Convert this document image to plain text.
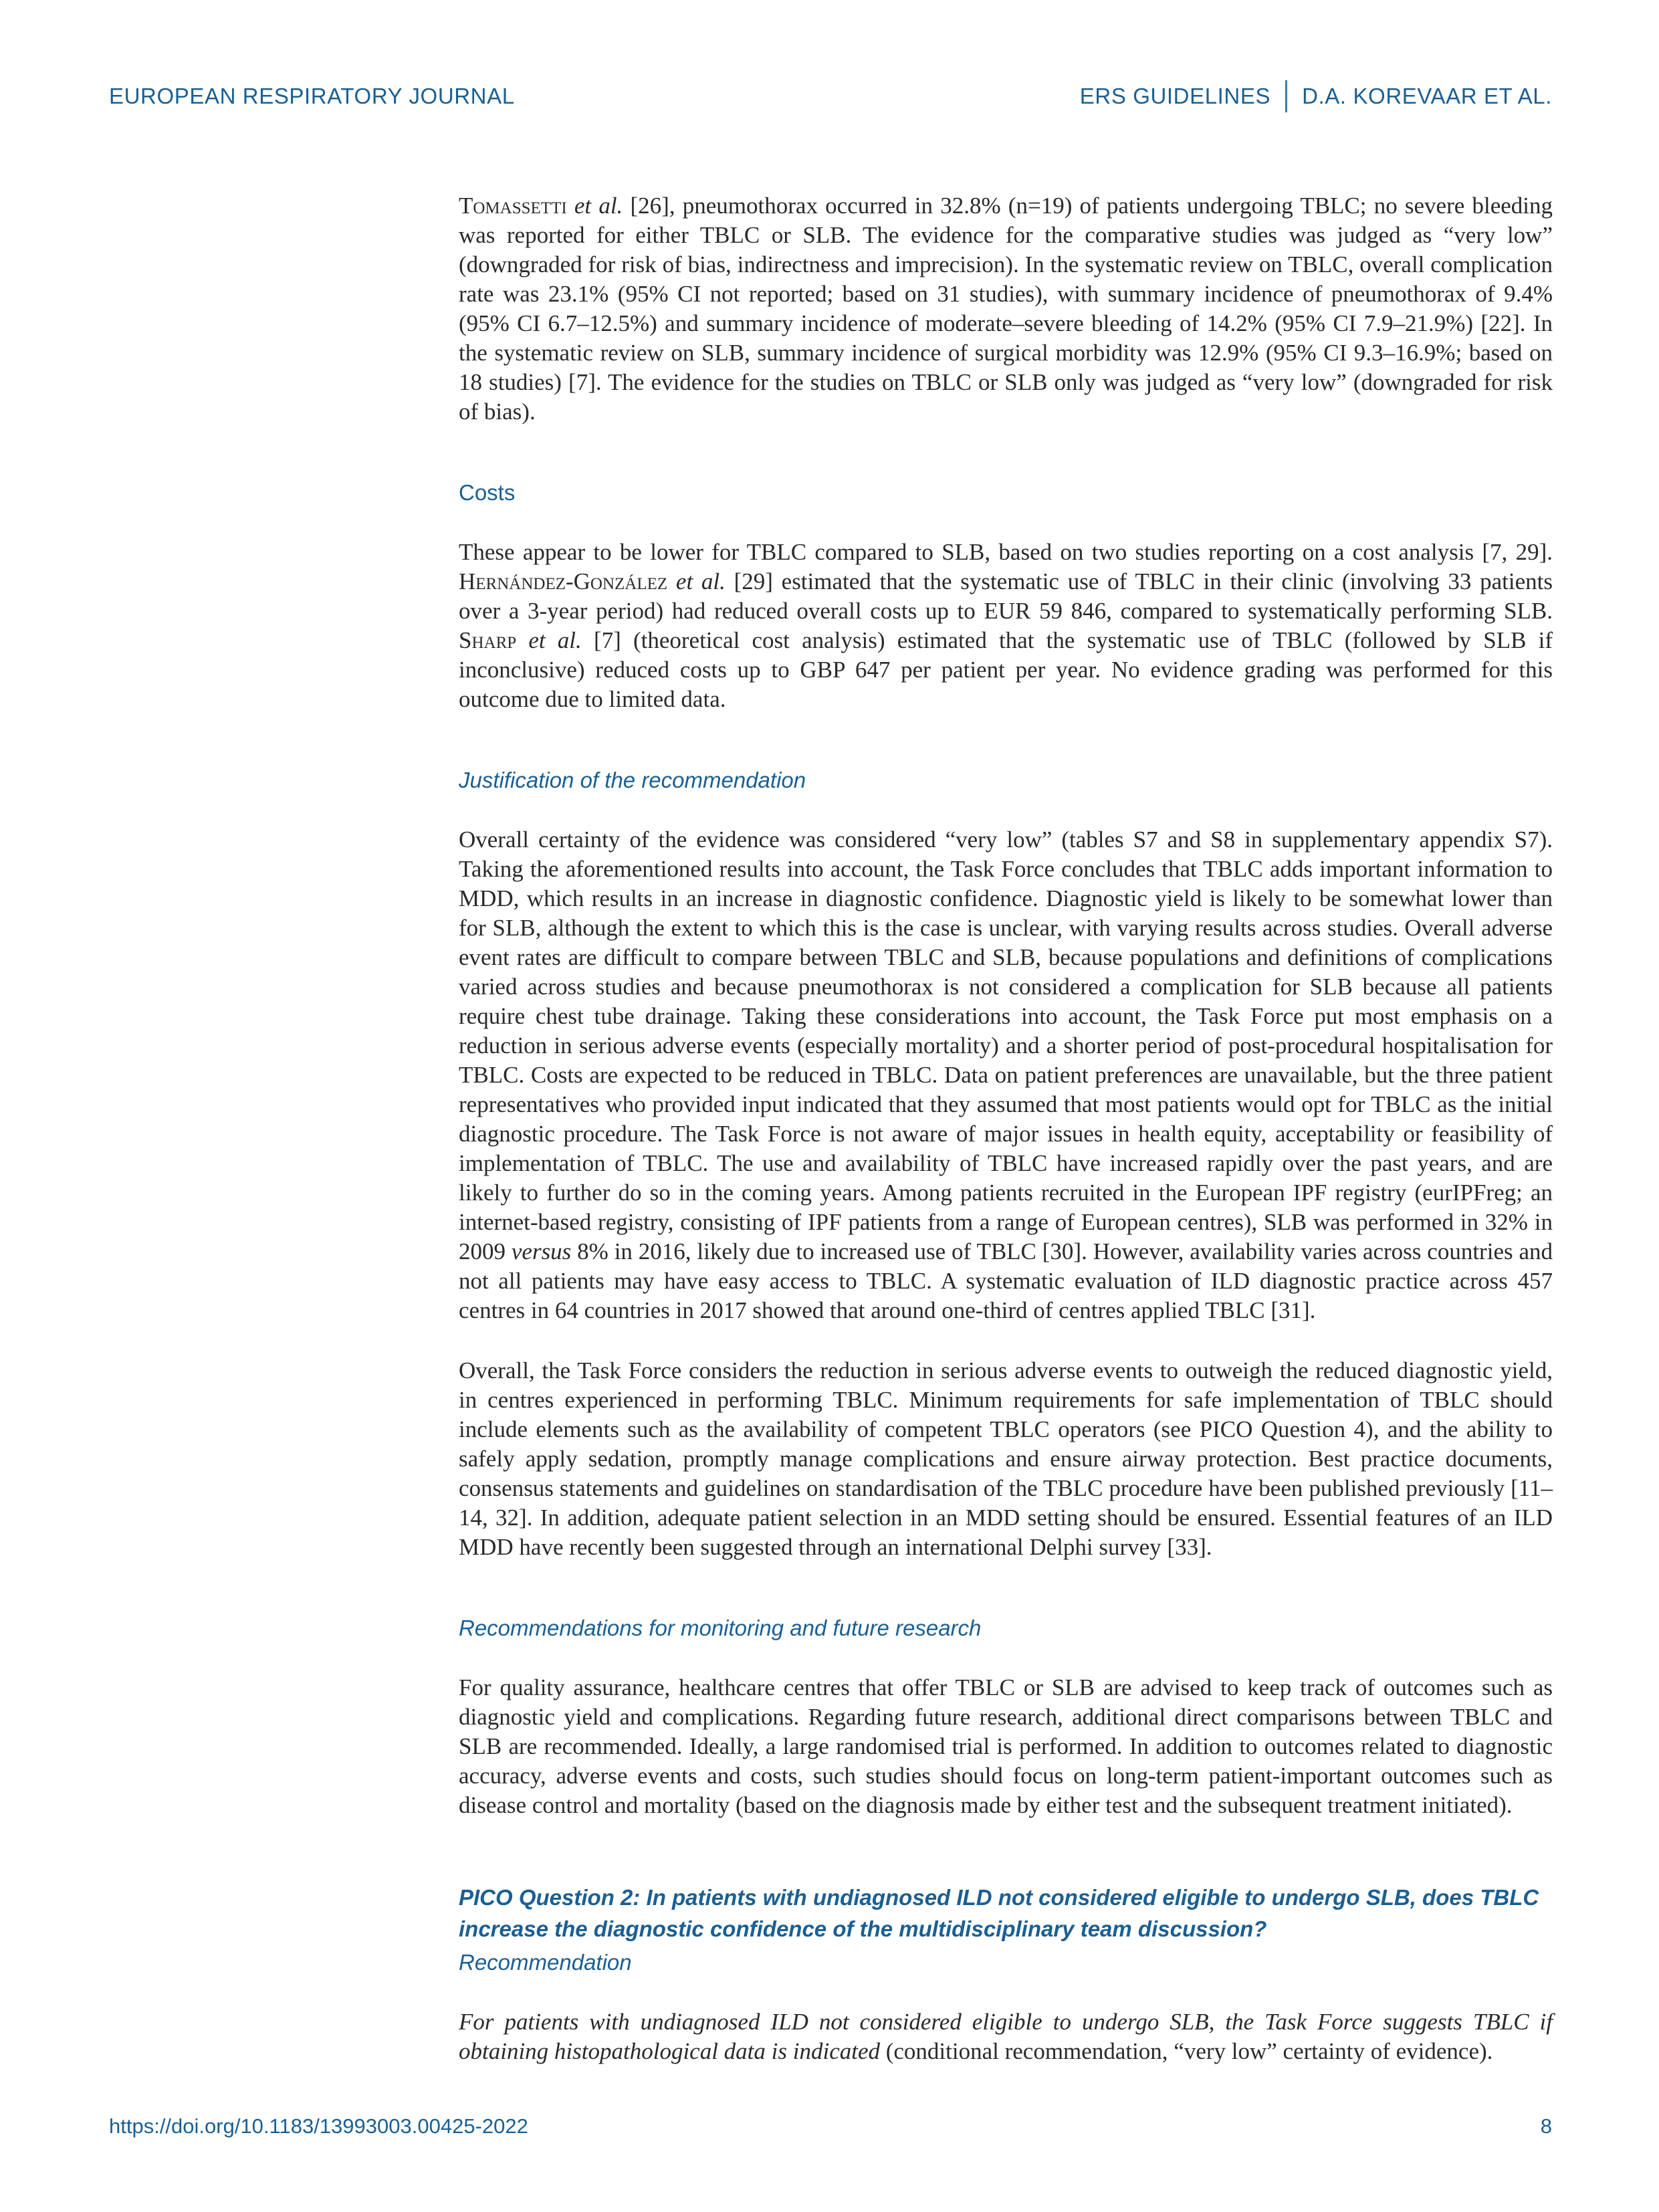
EUROPEAN RESPIRATORY JOURNAL	ERS GUIDELINES D.A. KOREVAAR ET AL.

Tomassetti et al. [26], pneumothorax occurred in 32.8% (n=19) of patients undergoing TBLC; no severe bleeding was reported for either TBLC or SLB. The evidence for the comparative studies was judged as “very low” (downgraded for risk of bias, indirectness and imprecision). In the systematic review on TBLC, overall complication rate was 23.1% (95% CI not reported; based on 31 studies), with summary incidence of pneumothorax of 9.4% (95% CI 6.7–12.5%) and summary incidence of moderate–severe bleeding of 14.2% (95% CI 7.9–21.9%) [22]. In the systematic review on SLB, summary incidence of surgical morbidity was 12.9% (95% CI 9.3–16.9%; based on 18 studies) [7]. The evidence for the studies on TBLC or SLB only was judged as “very low” (downgraded for risk of bias).

Costs

These appear to be lower for TBLC compared to SLB, based on two studies reporting on a cost analysis [7, 29]. Hernández-González et al. [29] estimated that the systematic use of TBLC in their clinic (involving 33 patients over a 3-year period) had reduced overall costs up to EUR 59 846, compared to systematically performing SLB. Sharp et al. [7] (theoretical cost analysis) estimated that the systematic use of TBLC (followed by SLB if inconclusive) reduced costs up to GBP 647 per patient per year. No evidence grading was performed for this outcome due to limited data.

Justification of the recommendation

Overall certainty of the evidence was considered “very low” (tables S7 and S8 in supplementary appendix S7). Taking the aforementioned results into account, the Task Force concludes that TBLC adds important information to MDD, which results in an increase in diagnostic confidence. Diagnostic yield is likely to be somewhat lower than for SLB, although the extent to which this is the case is unclear, with varying results across studies. Overall adverse event rates are difficult to compare between TBLC and SLB, because populations and definitions of complications varied across studies and because pneumothorax is not considered a complication for SLB because all patients require chest tube drainage. Taking these considerations into account, the Task Force put most emphasis on a reduction in serious adverse events (especially mortality) and a shorter period of post-procedural hospitalisation for TBLC. Costs are expected to be reduced in TBLC. Data on patient preferences are unavailable, but the three patient representatives who provided input indicated that they assumed that most patients would opt for TBLC as the initial diagnostic procedure. The Task Force is not aware of major issues in health equity, acceptability or feasibility of implementation of TBLC. The use and availability of TBLC have increased rapidly over the past years, and are likely to further do so in the coming years. Among patients recruited in the European IPF registry (eurIPFreg; an internet-based registry, consisting of IPF patients from a range of European centres), SLB was performed in 32% in 2009 versus 8% in 2016, likely due to increased use of TBLC [30]. However, availability varies across countries and not all patients may have easy access to TBLC. A systematic evaluation of ILD diagnostic practice across 457 centres in 64 countries in 2017 showed that around one-third of centres applied TBLC [31].

Overall, the Task Force considers the reduction in serious adverse events to outweigh the reduced diagnostic yield, in centres experienced in performing TBLC. Minimum requirements for safe implementation of TBLC should include elements such as the availability of competent TBLC operators (see PICO Question 4), and the ability to safely apply sedation, promptly manage complications and ensure airway protection. Best practice documents, consensus statements and guidelines on standardisation of the TBLC procedure have been published previously [11–14, 32]. In addition, adequate patient selection in an MDD setting should be ensured. Essential features of an ILD MDD have recently been suggested through an international Delphi survey [33].

Recommendations for monitoring and future research

For quality assurance, healthcare centres that offer TBLC or SLB are advised to keep track of outcomes such as diagnostic yield and complications. Regarding future research, additional direct comparisons between TBLC and SLB are recommended. Ideally, a large randomised trial is performed. In addition to outcomes related to diagnostic accuracy, adverse events and costs, such studies should focus on long-term patient-important outcomes such as disease control and mortality (based on the diagnosis made by either test and the subsequent treatment initiated).

PICO Question 2: In patients with undiagnosed ILD not considered eligible to undergo SLB, does TBLC increase the diagnostic confidence of the multidisciplinary team discussion?
Recommendation

For patients with undiagnosed ILD not considered eligible to undergo SLB, the Task Force suggests TBLC if obtaining histopathological data is indicated (conditional recommendation, “very low” certainty of evidence).

https://doi.org/10.1183/13993003.00425-2022	8
